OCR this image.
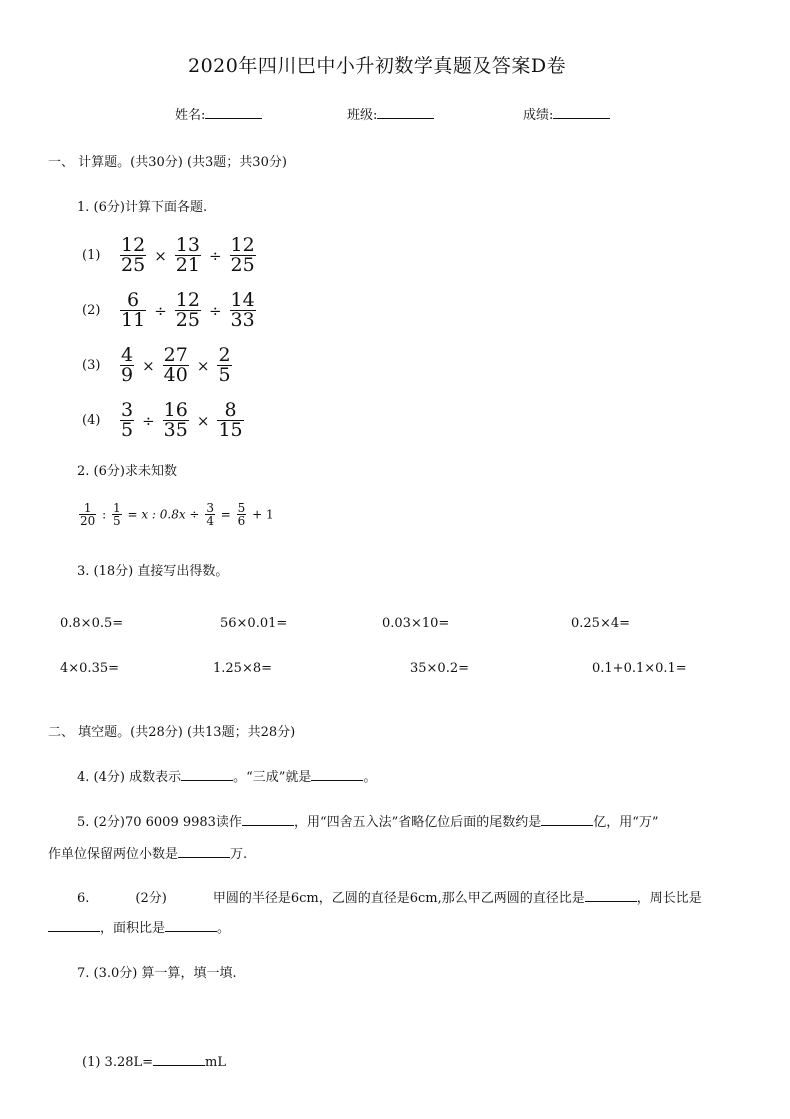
2020年四川巴中小升初数学真题及答案D卷
姓名:	班级:	成绩:
一、 计算题。(共30分) (共3题；共30分)
1. (6分)计算下面各题.
$(1) \frac{12}{25} \times \frac{13}{21} \div \frac{12}{25}$
$(2) \frac{6}{11} \div \frac{12}{25} \div \frac{14}{33}$
$(3) \frac{4}{9} \times \frac{27}{40} \times \frac{2}{5}$
$(4) \frac{3}{5} \div \frac{16}{35} \times \frac{8}{15}$
2. (6分)求未知数
$\frac{1}{20}$ : $\frac{1}{5} = x$ : $0.8x \div \frac{3}{4} = \frac{5}{6} + 1$
3. (18分) 直接写出得数。
0.8×0.5=	56×0.01=	0.03×10=	0.25×4=
4×0.35=	1.25×8=	35×0.2=	0.1+0.1×0.1=
二、 填空题。(共28分) (共13题；共28分)
4. (4分) 成数表示	。“三成”就是	。
5. (2分)70 6009 9983读作	，用“四舍五入法”省略亿位后面的尾数约是	亿，用“万”
作单位保留两位小数是	万.
6.	(2分)	甲圆的半径是6cm，乙圆的直径是6cm,那么甲乙两圆的直径比是	，周长比是
，面积比是	。
7. (3.0分) 算一算，填一填.
(1) 3.28L=	mL
